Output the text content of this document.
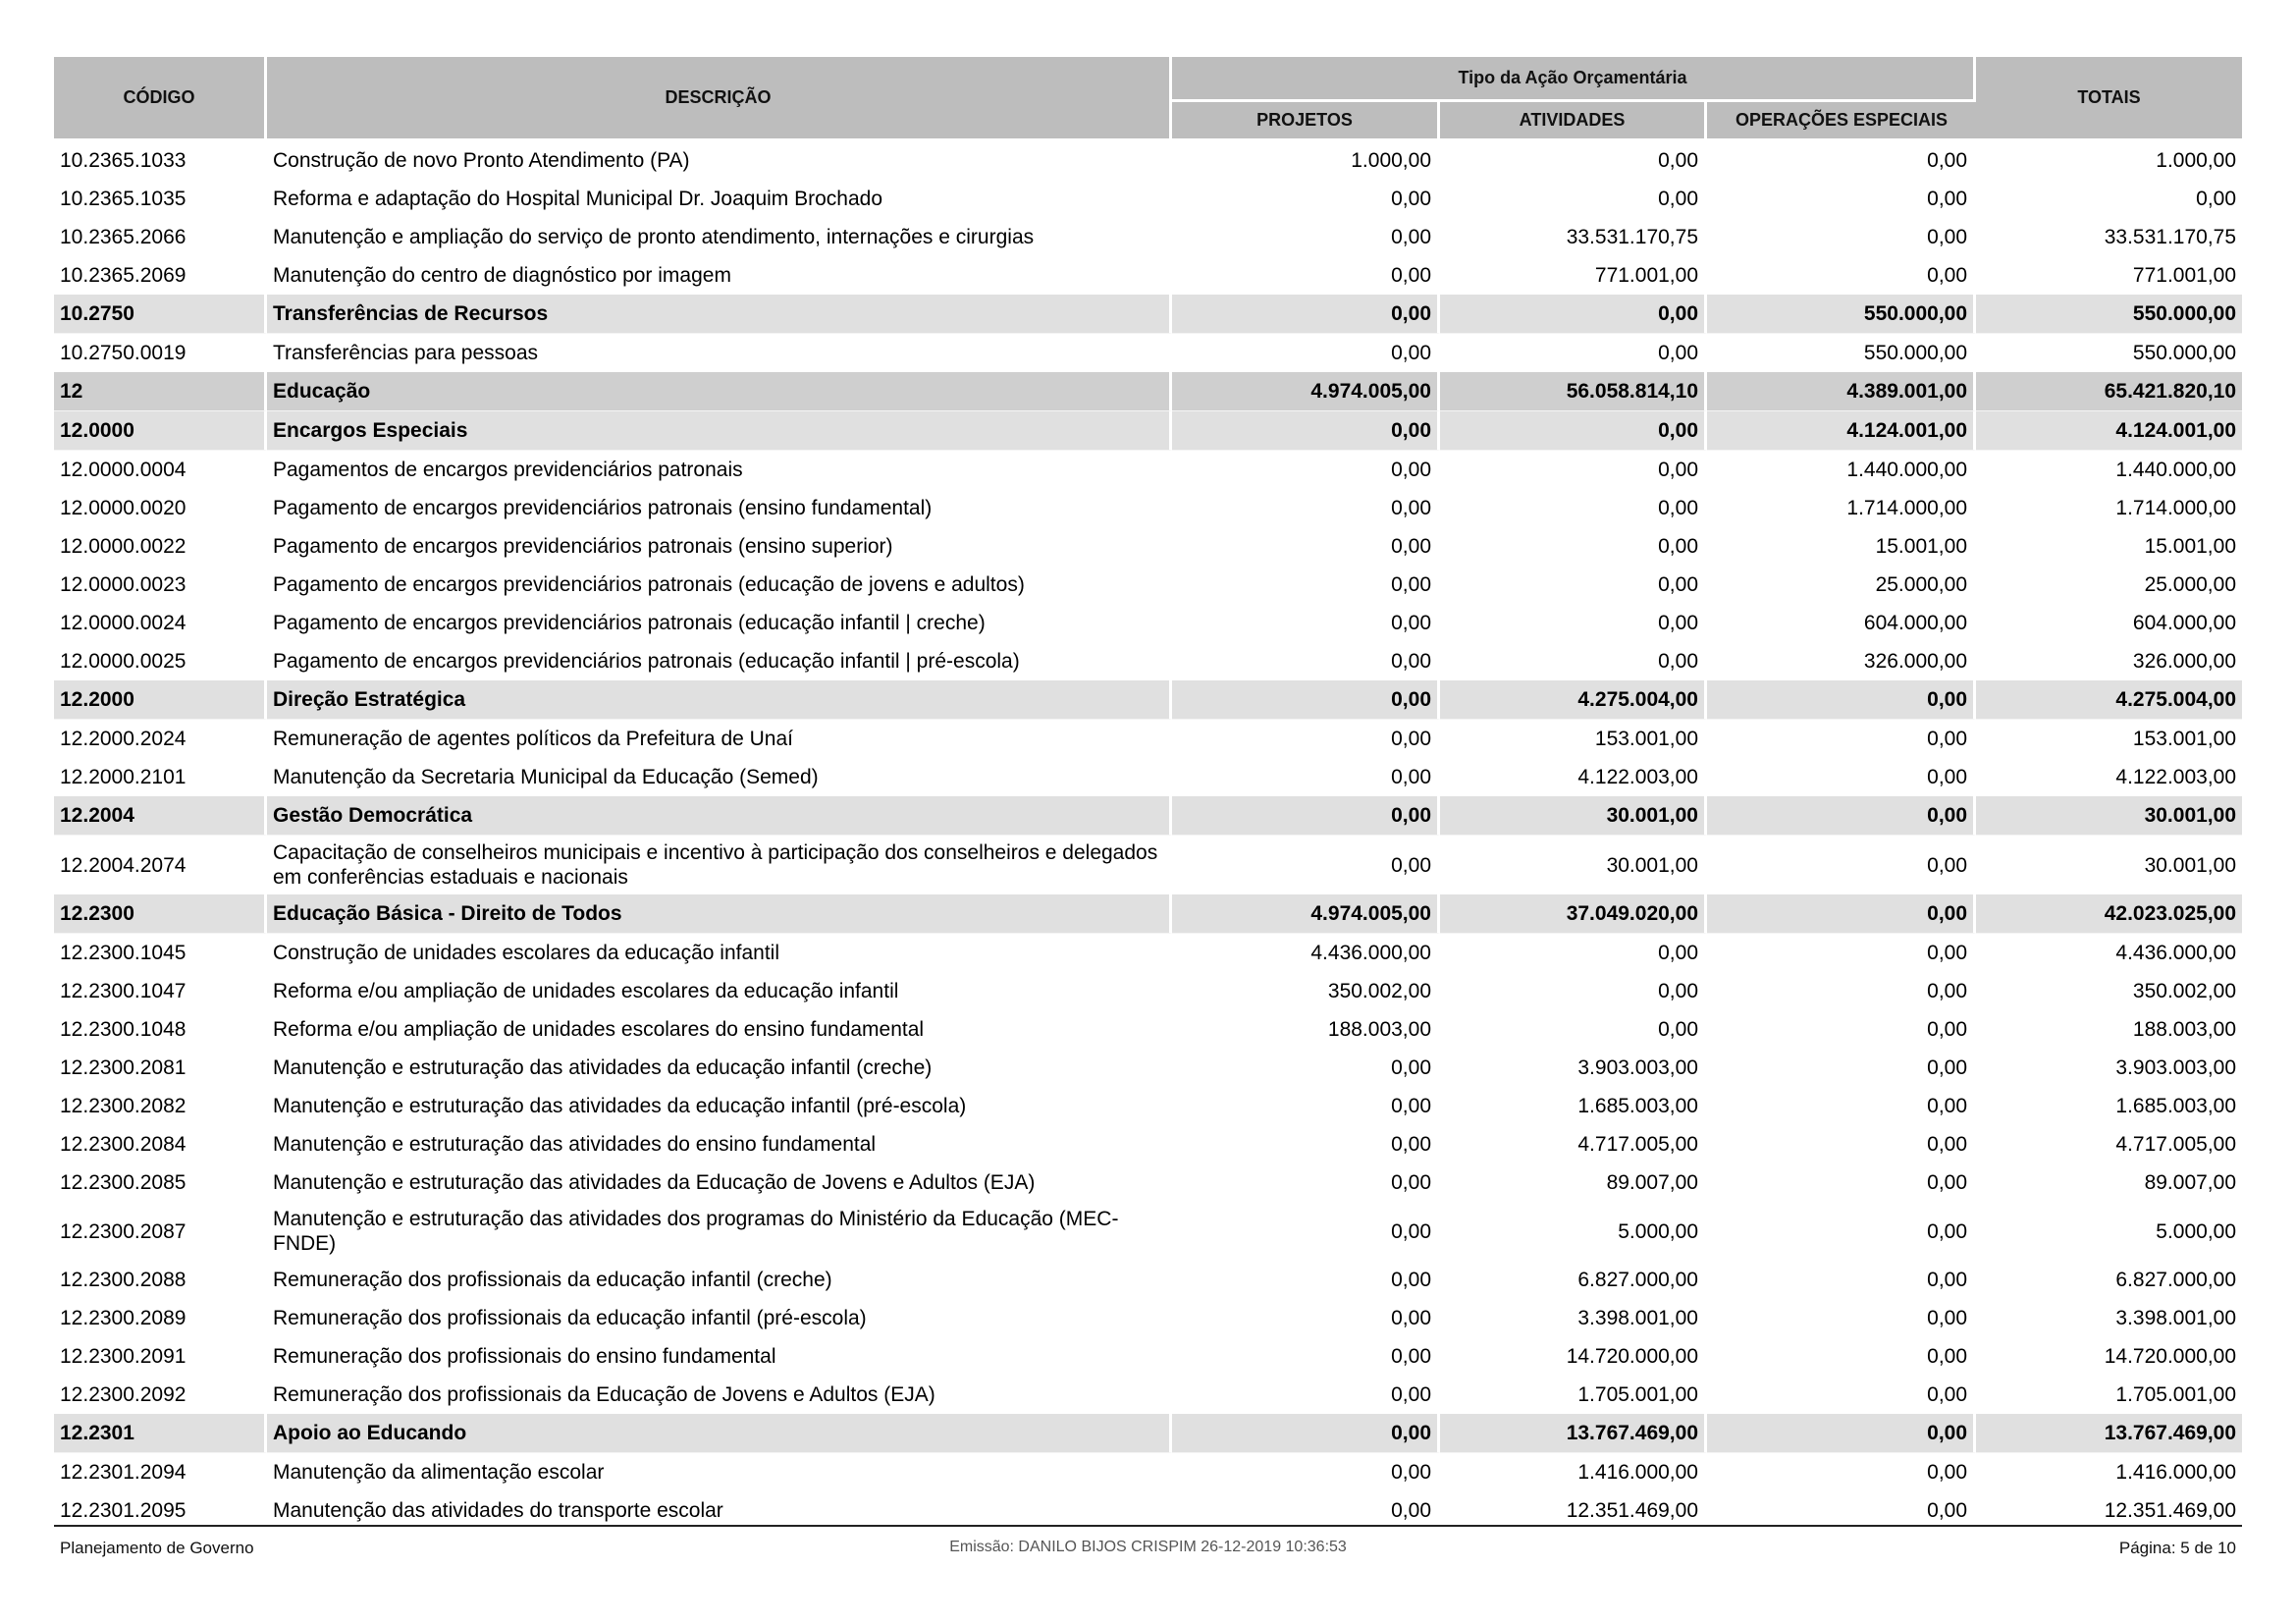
CÓDIGO	DESCRIÇÃO	Tipo da Ação Orçamentária			TOTAIS
		PROJETOS	ATIVIDADES	OPERAÇÕES ESPECIAIS	
10.2365.1033	Construção de novo Pronto Atendimento (PA)	1.000,00	0,00	0,00	1.000,00
10.2365.1035	Reforma e adaptação do Hospital Municipal Dr. Joaquim Brochado	0,00	0,00	0,00	0,00
10.2365.2066	Manutenção e ampliação do serviço de pronto atendimento, internações e cirurgias	0,00	33.531.170,75	0,00	33.531.170,75
10.2365.2069	Manutenção do centro de diagnóstico por imagem	0,00	771.001,00	0,00	771.001,00
10.2750	Transferências de Recursos	0,00	0,00	550.000,00	550.000,00
10.2750.0019	Transferências para pessoas	0,00	0,00	550.000,00	550.000,00
12	Educação	4.974.005,00	56.058.814,10	4.389.001,00	65.421.820,10
12.0000	Encargos Especiais	0,00	0,00	4.124.001,00	4.124.001,00
12.0000.0004	Pagamentos de encargos previdenciários patronais	0,00	0,00	1.440.000,00	1.440.000,00
12.0000.0020	Pagamento de encargos previdenciários patronais (ensino fundamental)	0,00	0,00	1.714.000,00	1.714.000,00
12.0000.0022	Pagamento de encargos previdenciários patronais (ensino superior)	0,00	0,00	15.001,00	15.001,00
12.0000.0023	Pagamento de encargos previdenciários patronais (educação de jovens e adultos)	0,00	0,00	25.000,00	25.000,00
12.0000.0024	Pagamento de encargos previdenciários patronais (educação infantil | creche)	0,00	0,00	604.000,00	604.000,00
12.0000.0025	Pagamento de encargos previdenciários patronais (educação infantil | pré-escola)	0,00	0,00	326.000,00	326.000,00
12.2000	Direção Estratégica	0,00	4.275.004,00	0,00	4.275.004,00
12.2000.2024	Remuneração de agentes políticos da Prefeitura de Unaí	0,00	153.001,00	0,00	153.001,00
12.2000.2101	Manutenção da Secretaria Municipal da Educação (Semed)	0,00	4.122.003,00	0,00	4.122.003,00
12.2004	Gestão Democrática	0,00	30.001,00	0,00	30.001,00
12.2004.2074	Capacitação de conselheiros municipais e incentivo à participação dos conselheiros e delegados em conferências estaduais e nacionais	0,00	30.001,00	0,00	30.001,00
12.2300	Educação Básica - Direito de Todos	4.974.005,00	37.049.020,00	0,00	42.023.025,00
12.2300.1045	Construção de unidades escolares da educação infantil	4.436.000,00	0,00	0,00	4.436.000,00
12.2300.1047	Reforma e/ou ampliação de unidades escolares da educação infantil	350.002,00	0,00	0,00	350.002,00
12.2300.1048	Reforma e/ou ampliação de unidades escolares do ensino fundamental	188.003,00	0,00	0,00	188.003,00
12.2300.2081	Manutenção e estruturação das atividades da educação infantil (creche)	0,00	3.903.003,00	0,00	3.903.003,00
12.2300.2082	Manutenção e estruturação das atividades da educação infantil (pré-escola)	0,00	1.685.003,00	0,00	1.685.003,00
12.2300.2084	Manutenção e estruturação das atividades do ensino fundamental	0,00	4.717.005,00	0,00	4.717.005,00
12.2300.2085	Manutenção e estruturação das atividades da Educação de Jovens e Adultos (EJA)	0,00	89.007,00	0,00	89.007,00
12.2300.2087	Manutenção e estruturação das atividades dos programas do Ministério da Educação (MEC-FNDE)	0,00	5.000,00	0,00	5.000,00
12.2300.2088	Remuneração dos profissionais da educação infantil (creche)	0,00	6.827.000,00	0,00	6.827.000,00
12.2300.2089	Remuneração dos profissionais da educação infantil (pré-escola)	0,00	3.398.001,00	0,00	3.398.001,00
12.2300.2091	Remuneração dos profissionais do ensino fundamental	0,00	14.720.000,00	0,00	14.720.000,00
12.2300.2092	Remuneração dos profissionais da Educação de Jovens e Adultos (EJA)	0,00	1.705.001,00	0,00	1.705.001,00
12.2301	Apoio ao Educando	0,00	13.767.469,00	0,00	13.767.469,00
12.2301.2094	Manutenção da alimentação escolar	0,00	1.416.000,00	0,00	1.416.000,00
12.2301.2095	Manutenção das atividades do transporte escolar	0,00	12.351.469,00	0,00	12.351.469,00
Planejamento de Governo	Emissão: DANILO BIJOS CRISPIM 26-12-2019 10:36:53	Página: 5 de 10
